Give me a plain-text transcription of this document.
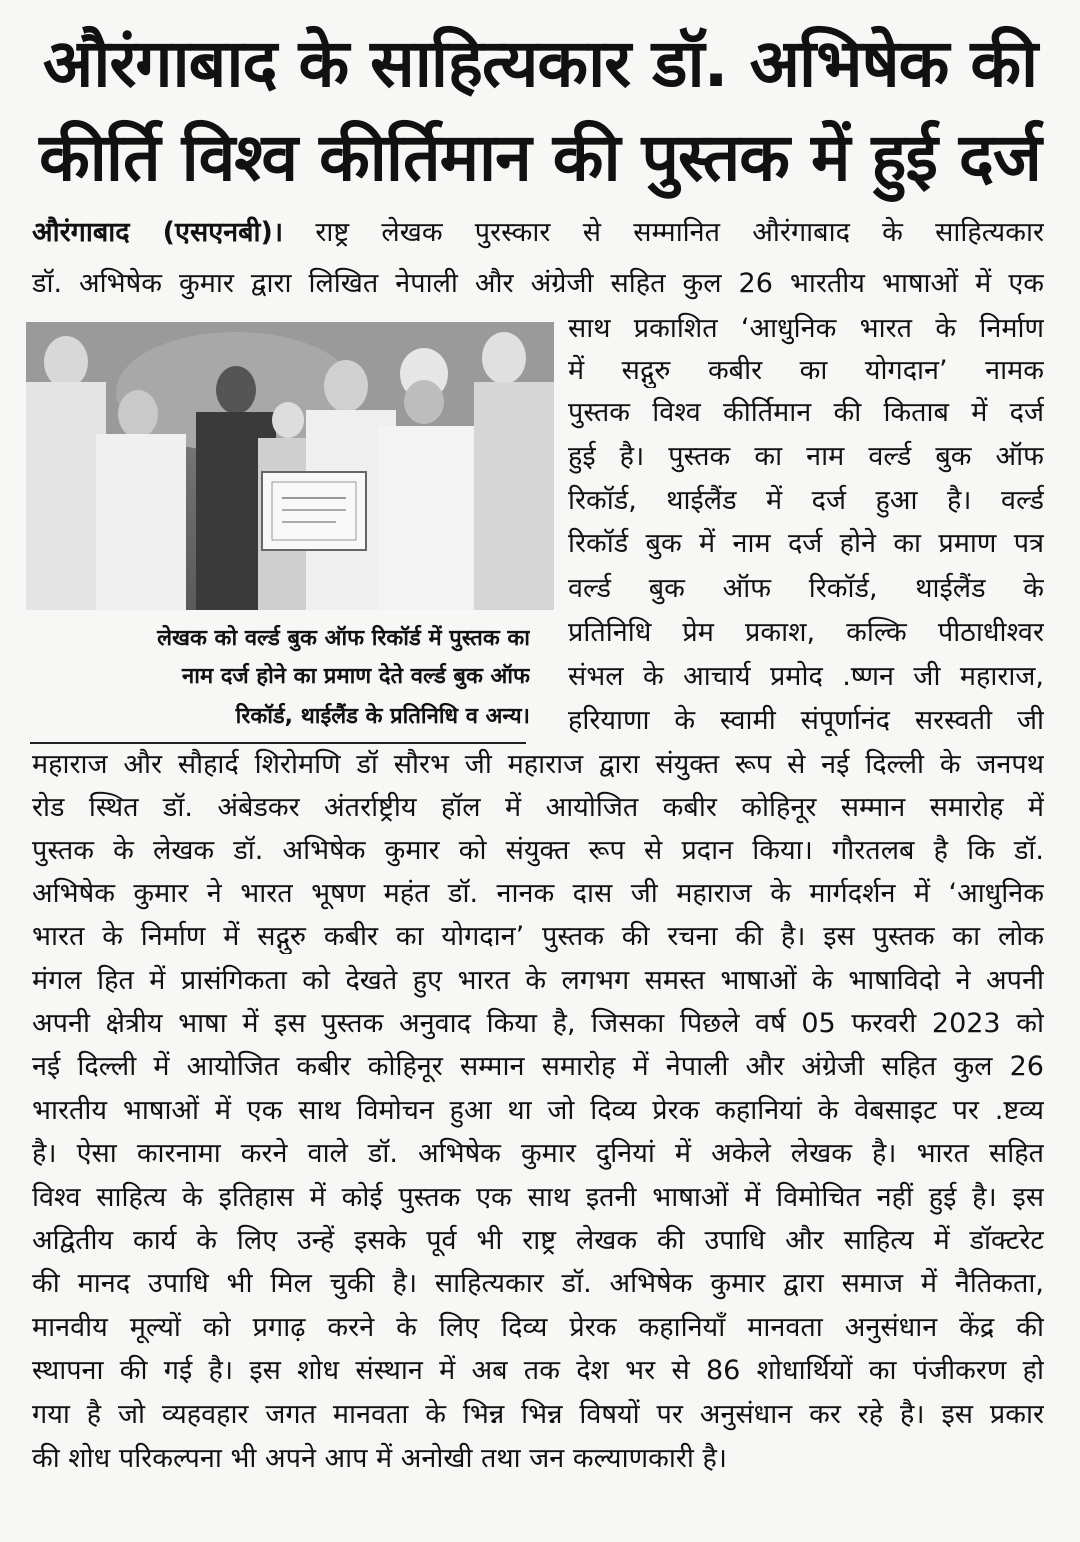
औरंगाबाद के साहित्यकार डॉ. अभिषेक की
कीर्ति विश्व कीर्तिमान की पुस्तक में हुई दर्ज
औरंगाबाद (एसएनबी)। राष्ट्र लेखक पुरस्कार से सम्मानित औरंगाबाद के साहित्यकार
डॉ. अभिषेक कुमार द्वारा लिखित नेपाली और अंग्रेजी सहित कुल 26 भारतीय भाषाओं में एक
लेखक को वर्ल्ड बुक ऑफ रिकॉर्ड में पुस्तक का
नाम दर्ज होने का प्रमाण देते वर्ल्ड बुक ऑफ
रिकॉर्ड, थाईलैंड के प्रतिनिधि व अन्य।
साथ प्रकाशित ‘आधुनिक भारत के निर्माण
में सद्गुरु कबीर का योगदान’ नामक
पुस्तक विश्व कीर्तिमान की किताब में दर्ज
हुई है। पुस्तक का नाम वर्ल्ड बुक ऑफ
रिकॉर्ड, थाईलैंड में दर्ज हुआ है। वर्ल्ड
रिकॉर्ड बुक में नाम दर्ज होने का प्रमाण पत्र
वर्ल्ड बुक ऑफ रिकॉर्ड, थाईलैंड के
प्रतिनिधि प्रेम प्रकाश, कल्कि पीठाधीश्वर
संभल के आचार्य प्रमोद .ष्णन जी महाराज,
हरियाणा के स्वामी संपूर्णानंद सरस्वती जी
महाराज और सौहार्द शिरोमणि डॉ सौरभ जी महाराज द्वारा संयुक्त रूप से नई दिल्ली के जनपथ
रोड स्थित डॉ. अंबेडकर अंतर्राष्ट्रीय हॉल में आयोजित कबीर कोहिनूर सम्मान समारोह में
पुस्तक के लेखक डॉ. अभिषेक कुमार को संयुक्त रूप से प्रदान किया। गौरतलब है कि डॉ.
अभिषेक कुमार ने भारत भूषण महंत डॉ. नानक दास जी महाराज के मार्गदर्शन में ‘आधुनिक
भारत के निर्माण में सद्गुरु कबीर का योगदान’ पुस्तक की रचना की है। इस पुस्तक का लोक
मंगल हित में प्रासंगिकता को देखते हुए भारत के लगभग समस्त भाषाओं के भाषाविदो ने अपनी
अपनी क्षेत्रीय भाषा में इस पुस्तक अनुवाद किया है, जिसका पिछले वर्ष 05 फरवरी 2023 को
नई दिल्ली में आयोजित कबीर कोहिनूर सम्मान समारोह में नेपाली और अंग्रेजी सहित कुल 26
भारतीय भाषाओं में एक साथ विमोचन हुआ था जो दिव्य प्रेरक कहानियां के वेबसाइट पर .ष्टव्य
है। ऐसा कारनामा करने वाले डॉ. अभिषेक कुमार दुनियां में अकेले लेखक है। भारत सहित
विश्व साहित्य के इतिहास में कोई पुस्तक एक साथ इतनी भाषाओं में विमोचित नहीं हुई है। इस
अद्वितीय कार्य के लिए उन्हें इसके पूर्व भी राष्ट्र लेखक की उपाधि और साहित्य में डॉक्टरेट
की मानद उपाधि भी मिल चुकी है। साहित्यकार डॉ. अभिषेक कुमार द्वारा समाज में नैतिकता,
मानवीय मूल्यों को प्रगाढ़ करने के लिए दिव्य प्रेरक कहानियाँ मानवता अनुसंधान केंद्र की
स्थापना की गई है। इस शोध संस्थान में अब तक देश भर से 86 शोधार्थियों का पंजीकरण हो
गया है जो व्यहवहार जगत मानवता के भिन्न भिन्न विषयों पर अनुसंधान कर रहे है। इस प्रकार
की शोध परिकल्पना भी अपने आप में अनोखी तथा जन कल्याणकारी है।
